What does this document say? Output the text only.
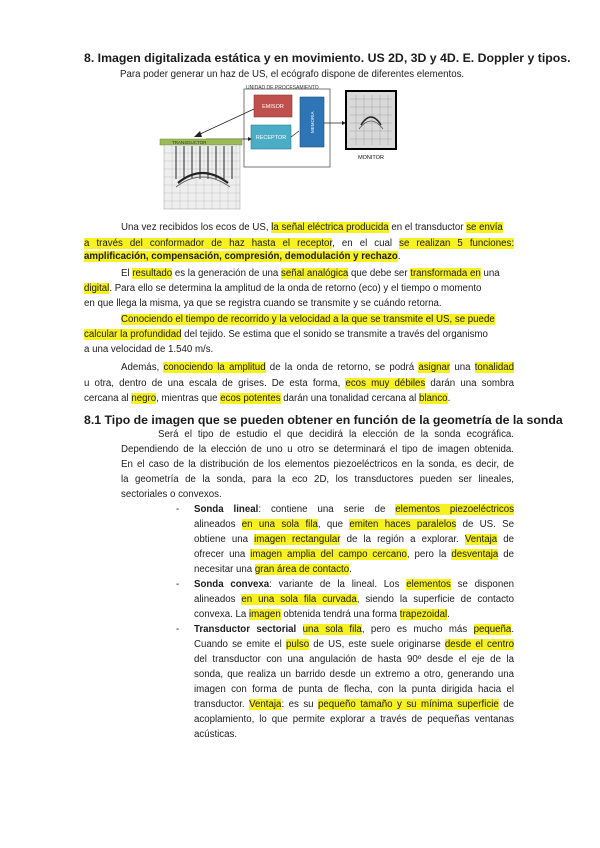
8. Imagen digitalizada estática y en movimiento. US 2D, 3D y 4D. E. Doppler y tipos.
Para poder generar un haz de US, el ecógrafo dispone de diferentes elementos.
UNIDAD DE PROCESAMIENTO
EMISOR
RECEPTOR
MEMORIA
MONITOR
TRANSDUCTOR
Una vez recibidos los ecos de US, la señal eléctrica producida en el transductor se envía
a través del conformador de haz hasta el receptor, en el cual se realizan 5 funciones:
amplificación, compensación, compresión, demodulación y rechazo.
El resultado es la generación de una señal analógica que debe ser transformada en una
digital. Para ello se determina la amplitud de la onda de retorno (eco) y el tiempo o momento
en que llega la misma, ya que se registra cuando se transmite y se cuándo retorna.
Conociendo el tiempo de recorrido y la velocidad a la que se transmite el US, se puede
calcular la profundidad del tejido. Se estima que el sonido se transmite a través del organismo
a una velocidad de 1.540 m/s.
Además, conociendo la amplitud de la onda de retorno, se podrá asignar una tonalidad
u otra, dentro de una escala de grises. De esta forma, ecos muy débiles darán una sombra
cercana al negro, mientras que ecos potentes darán una tonalidad cercana al blanco.
8.1 Tipo de imagen que se pueden obtener en función de la geometría de la sonda
Será el tipo de estudio el que decidirá la elección de la sonda ecográfica.
Dependiendo de la elección de uno u otro se determinará el tipo de imagen obtenida.
En el caso de la distribución de los elementos piezoeléctricos en la sonda, es decir, de
la geometría de la sonda, para la eco 2D, los transductores pueden ser lineales,
sectoriales o convexos.
- Sonda lineal: contiene una serie de elementos piezoeléctricos
alineados en una sola fila, que emiten haces paralelos de US. Se
obtiene una imagen rectangular de la región a explorar. Ventaja de
ofrecer una imagen amplia del campo cercano, pero la desventaja de
necesitar una gran área de contacto.
- Sonda convexa: variante de la lineal. Los elementos se disponen
alineados en una sola fila curvada, siendo la superficie de contacto
convexa. La imagen obtenida tendrá una forma trapezoidal.
- Transductor sectorial una sola fila, pero es mucho más pequeña.
Cuando se emite el pulso de US, este suele originarse desde el centro
del transductor con una angulación de hasta 90º desde el eje de la
sonda, que realiza un barrido desde un extremo a otro, generando una
imagen con forma de punta de flecha, con la punta dirigida hacia el
transductor. Ventaja: es su pequeño tamaño y su mínima superficie de
acoplamiento, lo que permite explorar a través de pequeñas ventanas
acústicas.
